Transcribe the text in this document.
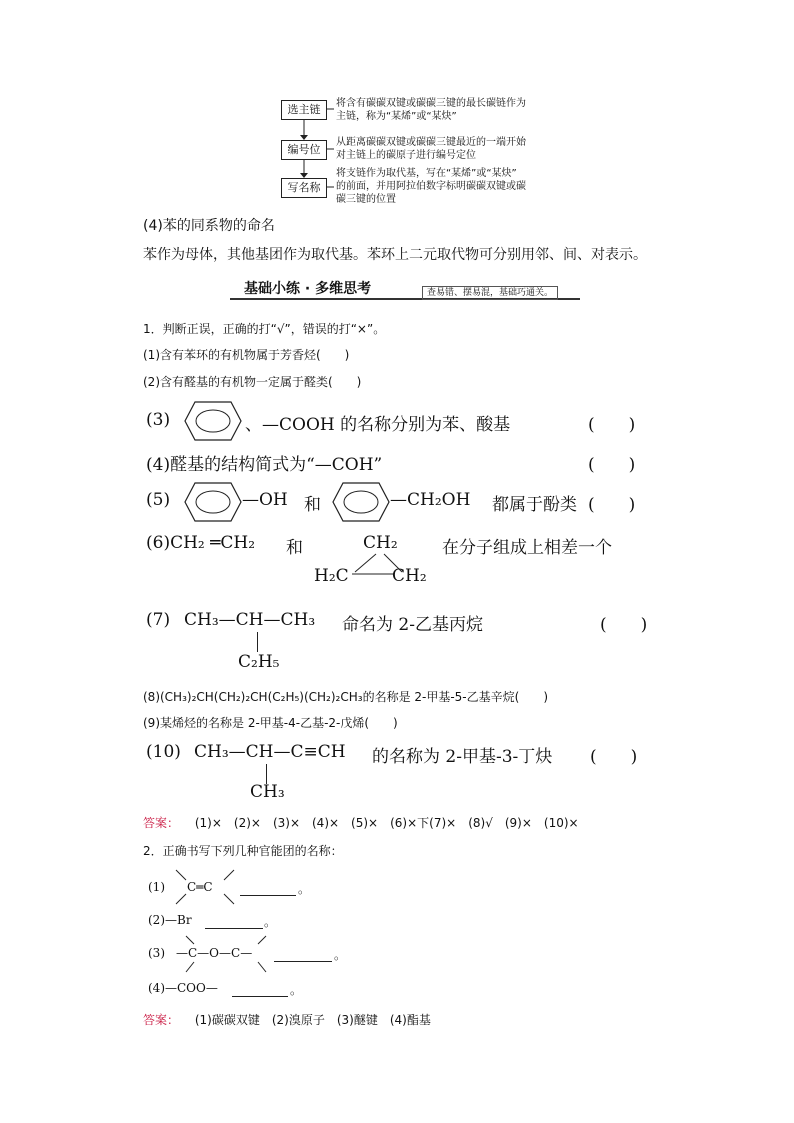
选主链
编号位
写名称
将含有碳碳双键或碳碳三键的最长碳链作为
主链，称为“某烯”或“某炔”
从距离碳碳双键或碳碳三键最近的一端开始
对主链上的碳原子进行编号定位
将支链作为取代基，写在“某烯”或“某炔”
的前面，并用阿拉伯数字标明碳碳双键或碳
碳三键的位置
(4)苯的同系物的命名
苯作为母体，其他基团作为取代基。苯环上二元取代物可分别用邻、间、对表示。
基础小练 · 多维思考	查易错、摆易混，基础巧通关。
1．判断正误，正确的打“√”，错误的打“×”。
(1)含有苯环的有机物属于芳香烃(　　)
(2)含有醛基的有机物一定属于醛类(　　)
(3)	、—COOH 的名称分别为苯、酸基	(　　)
(4)醛基的结构简式为“—COH”	(　　)
(5)	—OH 和	—CH₂OH 都属于酚类 (　　)
(6)CH₂ ═CH₂ 和	CH₂
H₂C	CH₂
在分子组成上相差一个
(7) CH₃—CH—CH₃
C₂H₅
命名为 2-乙基丙烷	(　　)
(8)(CH₃)₂CH(CH₂)₂CH(C₂H₅)(CH₂)₂CH₃的名称是 2-甲基-5-乙基辛烷(　　)
(9)某烯烃的名称是 2-甲基-4-乙基-2-戊烯(　　)
(10) CH₃—CH—C≡CH
CH₃
的名称为 2-甲基-3-丁炔 (　　)
答案： (1)×　(2)×　(3)×　(4)×　(5)×　(6)×下(7)×　(8)√　(9)×　(10)×
2．正确书写下列几种官能团的名称：
(1) C═C	。
(2)—Br	。
(3) —C—O—C—	。
(4)—COO—	。
答案： (1)碳碳双键　(2)溴原子　(3)醚键　(4)酯基
